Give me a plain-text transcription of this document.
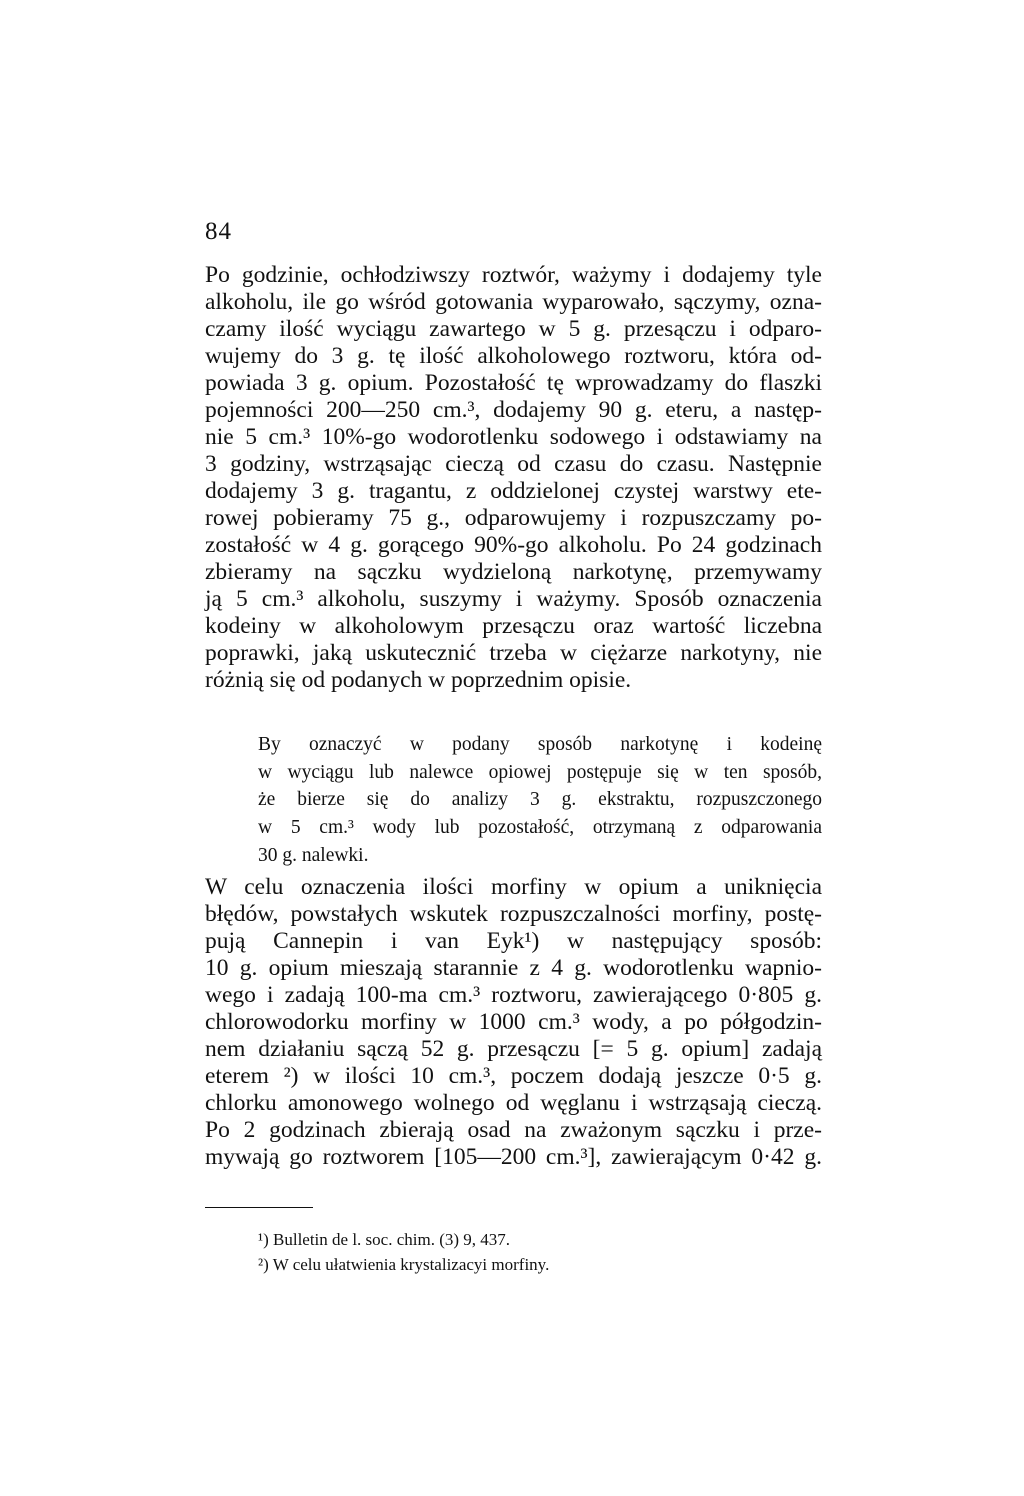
84
Po godzinie, ochłodziwszy roztwór, ważymy i dodajemy tyle
alkoholu, ile go wśród gotowania wyparowało, sączymy, ozna-
czamy ilość wyciągu zawartego w 5 g. przesączu i odparo-
wujemy do 3 g. tę ilość alkoholowego roztworu, która od-
powiada 3 g. opium. Pozostałość tę wprowadzamy do flaszki
pojemności 200—250 cm.³, dodajemy 90 g. eteru, a następ-
nie 5 cm.³ 10%-go wodorotlenku sodowego i odstawiamy na
3 godziny, wstrząsając cieczą od czasu do czasu. Następnie
dodajemy 3 g. tragantu, z oddzielonej czystej warstwy ete-
rowej pobieramy 75 g., odparowujemy i rozpuszczamy po-
zostałość w 4 g. gorącego 90%-go alkoholu. Po 24 godzinach
zbieramy na sączku wydzieloną narkotynę, przemywamy
ją 5 cm.³ alkoholu, suszymy i ważymy. Sposób oznaczenia
kodeiny w alkoholowym przesączu oraz wartość liczebna
poprawki, jaką uskutecznić trzeba w ciężarze narkotyny, nie
różnią się od podanych w poprzednim opisie.
By oznaczyć w podany sposób narkotynę i kodeinę
w wyciągu lub nalewce opiowej postępuje się w ten sposób,
że bierze się do analizy 3 g. ekstraktu, rozpuszczonego
w 5 cm.³ wody lub pozostałość, otrzymaną z odparowania
30 g. nalewki.
W celu oznaczenia ilości morfiny w opium a uniknięcia
błędów, powstałych wskutek rozpuszczalności morfiny, postę-
pują Cannepin i van Eyk¹) w następujący sposób:
10 g. opium mieszają starannie z 4 g. wodorotlenku wapnio-
wego i zadają 100-ma cm.³ roztworu, zawierającego 0·805 g.
chlorowodorku morfiny w 1000 cm.³ wody, a po półgodzin-
nem działaniu sączą 52 g. przesączu [= 5 g. opium] zadają
eterem ²) w ilości 10 cm.³, poczem dodają jeszcze 0·5 g.
chlorku amonowego wolnego od węglanu i wstrząsają cieczą.
Po 2 godzinach zbierają osad na zważonym sączku i prze-
mywają go roztworem [105—200 cm.³], zawierającym 0·42 g.
¹) Bulletin de l. soc. chim. (3) 9, 437.
²) W celu ułatwienia krystalizacyi morfiny.
